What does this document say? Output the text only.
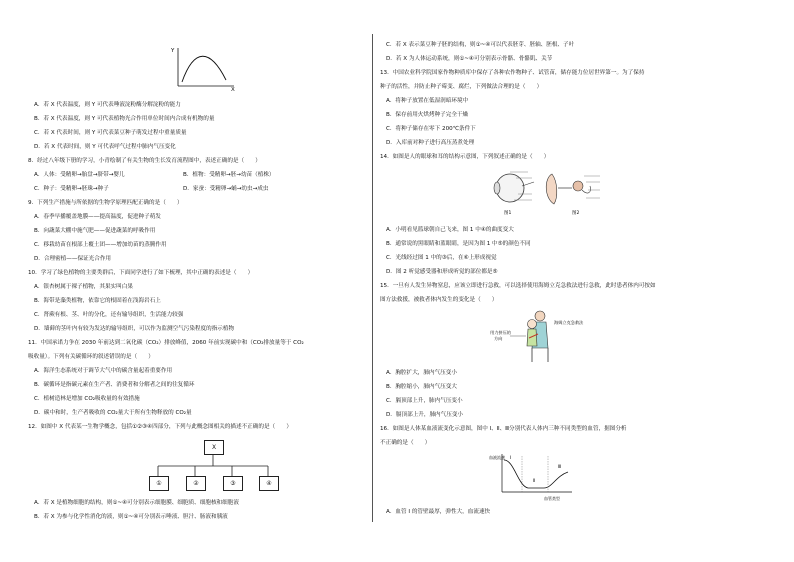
Y
X
A．若 X 代表温度，则 Y 可代表唾液淀粉酶分解淀粉的能力
B．若 X 代表温度，则 Y 可代表植物光合作用单位时间内合成有机物的量
C．若 X 代表时间，则 Y 可代表菜豆种子萌发过程中重量质量
D．若 X 代表时间，则 Y 可代表呼气过程中肺内气压变化
8．经过八年级下册的学习，小青绘制了有关生物的生长发育流程图中，表述正确的是（　　）
A．人体：受精卵→胎盘→脐带→婴儿	B．植物：受精卵→胚→幼苗（植株）
C．种子：受精卵→胚珠→种子	D．家蚕：受精卵→蛹→幼虫→成虫
9．下列生产措施与所依据的生物学原理匹配正确的是（　　）
A．春季早播覆盖地膜——提高温度，促进种子萌发
B．向蔬菜大棚中施气肥——促进蔬菜的呼吸作用
C．移栽幼苗在根部上覆土团——增加幼苗的蒸腾作用
D．合理密植——保证光合作用
10．学习了绿色植物的主要类群后，下面同学进行了如下梳理，其中正确的表述是（　　）
A．银杏树属于裸子植物，其果实叫白果
B．海带是藻类植物，依靠它的根固着在浅海岩石上
C．肾蕨有根、茎、叶的分化，还有输导组织，生活能力较强
D．墙藓的茎叶内有较为发达的输导组织，可以作为监测空气污染程度的指示植物
11．中国承诺力争在 2030 年前达到二氧化碳（CO₂）排放峰值，2060 年前实现碳中和（CO₂排放量等于 CO₂
吸收量）。下列有关碳循环的叙述错误的是（　　）
A．海洋生态系统对于调节大气中的碳含量起着重要作用
B．碳循环是指碳元素在生产者、消费者和分解者之间的往复循环
C．植树造林是增加 CO₂吸收量的有效措施
D．碳中和时，生产者吸收的 CO₂量大于所有生物释放的 CO₂量
12．如图中 X 代表某一生物学概念，包括①②③④四部分，下列与此概念图相关的描述不正确的是（　　）
X
①	②	③	④
A．若 X 是植物细胞的结构，则①~④可分别表示细胞膜、细胞质、细胞核和细胞液
B．若 X 为参与化学性消化的液，则①~④可分别表示唾液、胆汁、肠液和胰液
C．若 X 表示菜豆种子胚的结构，则①~④可以代表胚芽、胚轴、胚根、子叶
D．若 X 为人体运动系统，则①~④可分别表示骨骼、骨骼肌、关节
13．中国农业科学院国家作物种质库中保存了各种农作物种子、试管苗，储存能力位居世界第一。为了保持
种子的活性，并防止种子霉变、腐烂，下列做法合理的是（　　）
A．将种子放置在低湿润暗环境中
B．保存前用火烘烤种子完全干燥
C．将种子储存在零下 200℃条件下
D．入库前对种子进行高压蒸煮处理
14．如图是人的眼球和耳的结构示意图，下列叙述正确的是（　　）
图1	图2
A．小明看见篮球朝自己飞来，图 1 中④的曲度变大
B．通常说的黑眼睛和蓝眼睛，是因为图 1 中⑤的颜色不同
C．光线经过图 1 中的③后，在⑥上形成视觉
D．图 2 听觉感受器和形成听觉的部位都是⑤
15．一旦有人发生异物窒息，应该立即进行急救，可以选择使用海姆立克急救法进行急救，此时患者体内可按如
图方法救援，被救者体内发生的变化是（　　）
用力挤压的
方向
海姆立克急救法
A．胸腔扩大，肺内气压变小
B．胸腔缩小，肺内气压变大
C．膈顶部上升，肺内气压变小
D．膈顶部上升，肺内气压变小
16．如图是人体某血液流变化示意图，图中 Ⅰ、Ⅱ、Ⅲ分别代表人体内三种不同类型的血管，据图分析
不正确的是（　　）
血液流速 Ⅰ
Ⅱ
Ⅲ
血管类型
A．血管 Ⅰ 的管壁最厚，弹性大，血流速快
